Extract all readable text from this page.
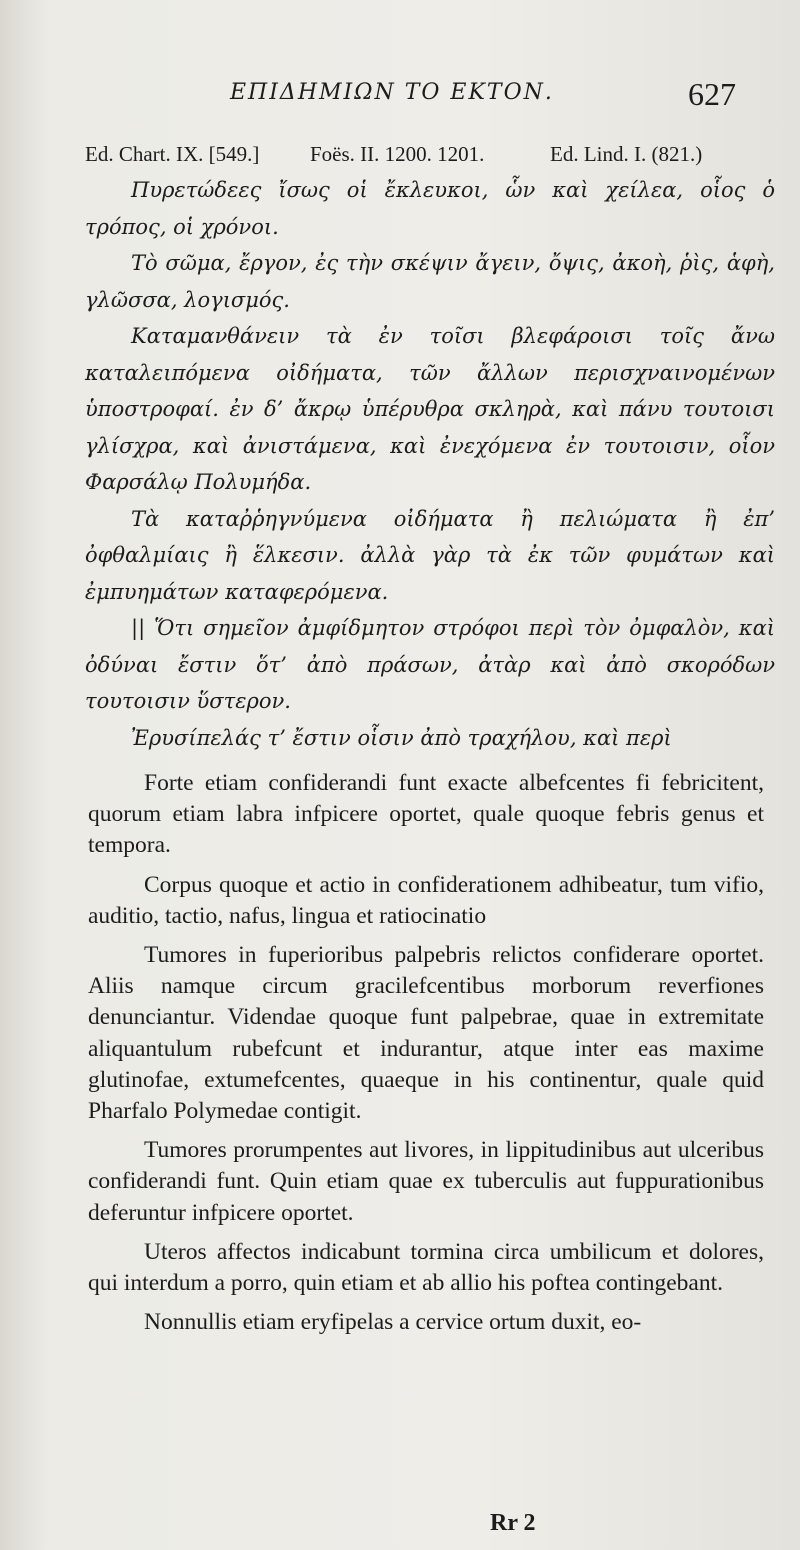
ΕΠΙΔΗΜΙΩΝ ΤΟ ΕΚΤΟΝ.	627
Ed. Chart. IX. [549.] Foës. II. 1200. 1201.	Ed. Lind. I. (821.)

Πυρετώδεες ἴσως οἱ ἔκλευκοι, ὧν καὶ χείλεα, οἷος ὁ τρόπος, οἱ χρόνοι.

Τὸ σῶμα, ἔργον, ἐς τὴν σκέψιν ἄγειν, ὄψις, ἀκοὴ, ῥὶς, ἁφὴ, γλῶσσα, λογισμός.

Καταμανθάνειν τὰ ἐν τοῖσι βλεφάροισι τοῖς ἄνω καταλειπόμενα οἰδήματα, τῶν ἄλλων περισχναινομένων ὑποστροφαί. ἐν δ’ ἄκρῳ ὑπέρυθρα σκληρὰ, καὶ πάνυ τουτοισι γλίσχρα, καὶ ἀνιστάμενα, καὶ ἐνεχόμενα ἐν τουτοισιν, οἷον Φαρσάλῳ Πολυμήδα.

Τὰ καταῤῥηγνύμενα οἰδήματα ἢ πελιώματα ἢ ἐπ’ ὀφθαλμίαις ἢ ἕλκεσιν. ἀλλὰ γὰρ τὰ ἐκ τῶν φυμάτων καὶ ἐμπυημάτων καταφερόμενα.

|| Ὅτι σημεῖον ἀμφίδμητον στρόφοι περὶ τὸν ὀμφαλὸν, καὶ ὀδύναι ἔστιν ὅτ’ ἀπὸ πράσων, ἀτὰρ καὶ ἀπὸ σκορόδων τουτοισιν ὕστερον.

Ἐρυσίπελάς τ’ ἔστιν οἷσιν ἀπὸ τραχήλου, καὶ περὶ

Forte etiam confiderandi funt exacte albefcentes fi febricitent, quorum etiam labra infpicere oportet, quale quoque febris genus et tempora.

Corpus quoque et actio in confiderationem adhibeatur, tum vifio, auditio, tactio, nafus, lingua et ratiocinatio

Tumores in fuperioribus palpebris relictos confiderare oportet. Aliis namque circum gracilefcentibus morborum reverfiones denunciantur. Videndae quoque funt palpebrae, quae in extremitate aliquantulum rubefcunt et indurantur, atque inter eas maxime glutinofae, extumefcentes, quaeque in his continentur, quale quid Pharfalo Polymedae contigit.

Tumores prorumpentes aut livores, in lippitudinibus aut ulceribus confiderandi funt. Quin etiam quae ex tuberculis aut fuppurationibus deferuntur infpicere oportet.

Uteros affectos indicabunt tormina circa umbilicum et dolores, qui interdum a porro, quin etiam et ab allio his poftea contingebant.

Nonnullis etiam eryfipelas a cervice ortum duxit, eo-

Rr 2
